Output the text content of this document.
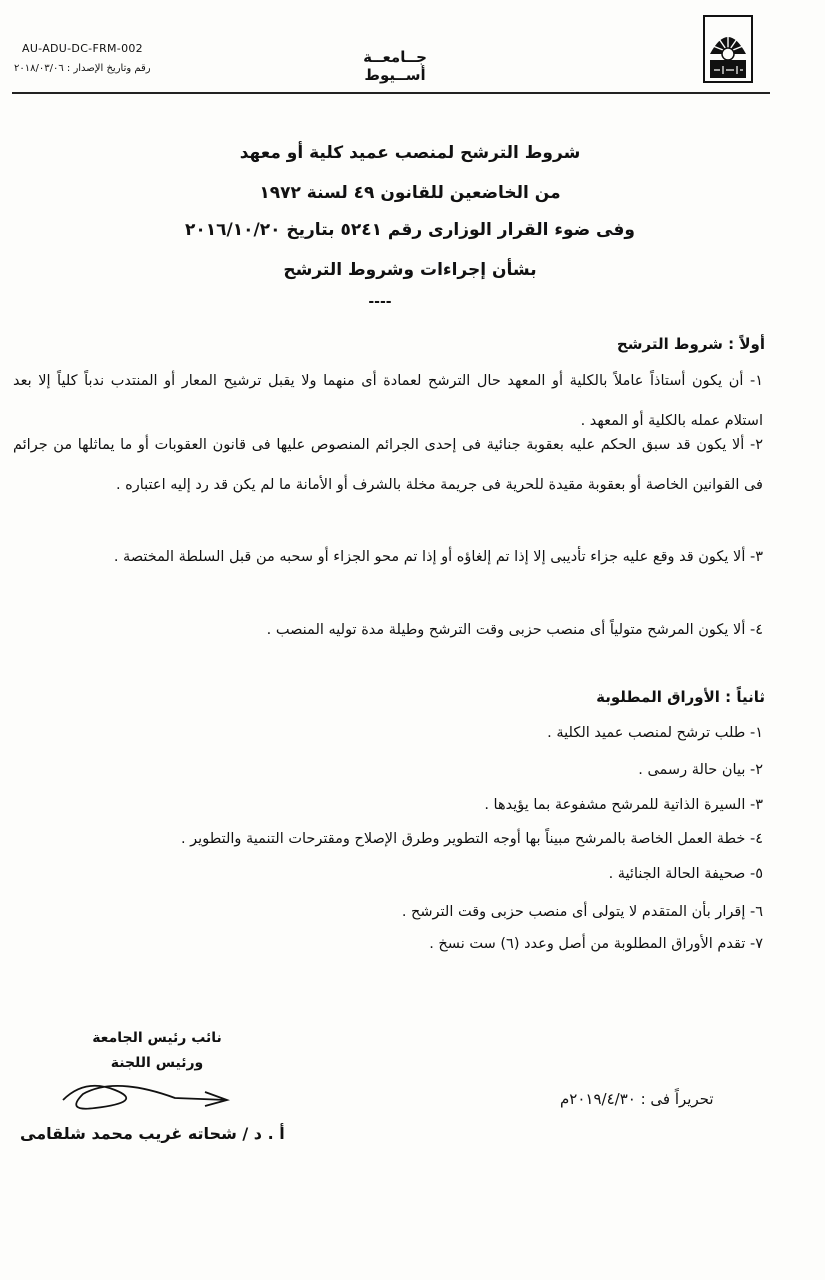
AU-ADU-DC-FRM-002
رقم وتاريخ الإصدار : ٢٠١٨/٠٣/٠٦
جــامعــة أســيوط
شروط الترشح لمنصب عميد كلية أو معهد
من الخاضعين للقانون ٤٩ لسنة ١٩٧٢
وفى ضوء القرار الوزارى رقم ٥٢٤١ بتاريخ ٢٠١٦/١٠/٢٠
بشأن إجراءات وشروط الترشح
----
أولاً : شروط الترشح
١- أن يكون أستاذاً عاملاً بالكلية أو المعهد حال الترشح لعمادة أى منهما ولا يقبل ترشيح المعار أو المنتدب ندباً كلياً إلا بعد استلام عمله بالكلية أو المعهد .
٢- ألا يكون قد سبق الحكم عليه بعقوبة جنائية فى إحدى الجرائم المنصوص عليها فى قانون العقوبات أو ما يماثلها من جرائم فى القوانين الخاصة أو بعقوبة مقيدة للحرية فى جريمة مخلة بالشرف أو الأمانة ما لم يكن قد رد إليه اعتباره .
٣- ألا يكون قد وقع عليه جزاء تأديبى إلا إذا تم إلغاؤه أو إذا تم محو الجزاء أو سحبه من قبل السلطة المختصة .
٤- ألا يكون المرشح متولياً أى منصب حزبى وقت الترشح وطيلة مدة توليه المنصب .
ثانياً : الأوراق المطلوبة
١- طلب ترشح لمنصب عميد الكلية .
٢- بيان حالة رسمى .
٣- السيرة الذاتية للمرشح مشفوعة بما يؤيدها .
٤- خطة العمل الخاصة بالمرشح مبيناً بها أوجه التطوير وطرق الإصلاح ومقترحات التنمية والتطوير .
٥- صحيفة الحالة الجنائية .
٦- إقرار بأن المتقدم لا يتولى أى منصب حزبى وقت الترشح .
٧- تقدم الأوراق المطلوبة من أصل وعدد (٦) ست نسخ .
نائب رئيس الجامعة
ورئيس اللجنة
أ . د / شحاته غريب محمد شلقامى
تحريراً فى : ٢٠١٩/٤/٣٠م
